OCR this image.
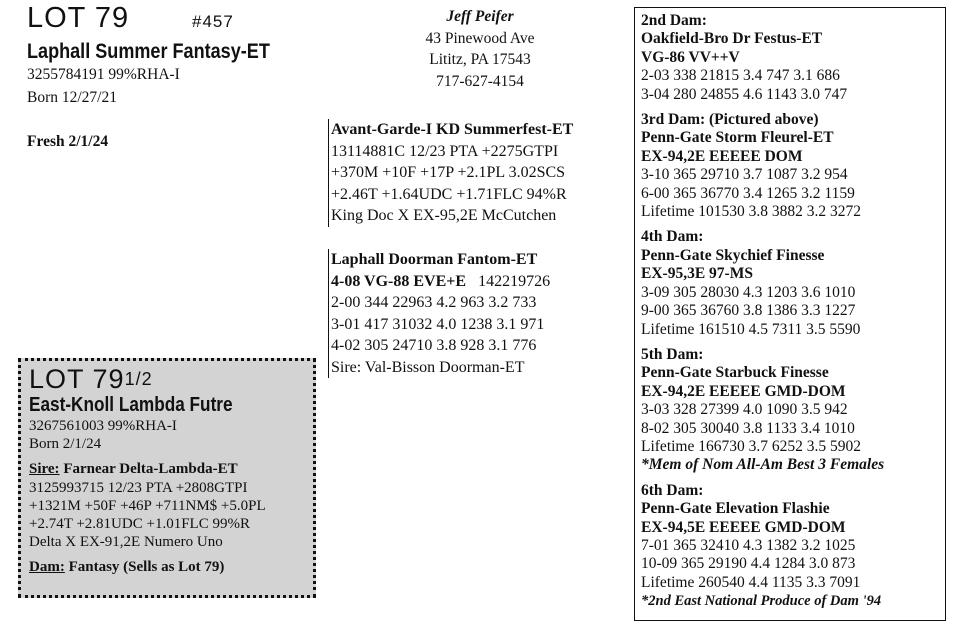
LOT 79	#457
Laphall Summer Fantasy-ET
3255784191 99%RHA-I
Born 12/27/21
Fresh 2/1/24
Jeff Peifer
43 Pinewood Ave
Lititz, PA 17543
717-627-4154
Avant-Garde-I KD Summerfest-ET
13114881C 12/23 PTA +2275GTPI
+370M +10F +17P +2.1PL 3.02SCS
+2.46T +1.64UDC +1.71FLC 94%R
King Doc X EX-95,2E McCutchen
Laphall Doorman Fantom-ET
4-08 VG-88 EVE+E 142219726
2-00 344 22963 4.2 963 3.2 733
3-01 417 31032 4.0 1238 3.1 971
4-02 305 24710 3.8 928 3.1 776
Sire: Val-Bisson Doorman-ET
2nd Dam:
Oakfield-Bro Dr Festus-ET
VG-86 VV++V
2-03 338 21815 3.4 747 3.1 686
3-04 280 24855 4.6 1143 3.0 747
3rd Dam: (Pictured above)
Penn-Gate Storm Fleurel-ET
EX-94,2E EEEEE DOM
3-10 365 29710 3.7 1087 3.2 954
6-00 365 36770 3.4 1265 3.2 1159
Lifetime 101530 3.8 3882 3.2 3272
4th Dam:
Penn-Gate Skychief Finesse
EX-95,3E 97-MS
3-09 305 28030 4.3 1203 3.6 1010
9-00 365 36760 3.8 1386 3.3 1227
Lifetime 161510 4.5 7311 3.5 5590
5th Dam:
Penn-Gate Starbuck Finesse
EX-94,2E EEEEE GMD-DOM
3-03 328 27399 4.0 1090 3.5 942
8-02 305 30040 3.8 1133 3.4 1010
Lifetime 166730 3.7 6252 3.5 5902
*Mem of Nom All-Am Best 3 Females
6th Dam:
Penn-Gate Elevation Flashie
EX-94,5E EEEEE GMD-DOM
7-01 365 32410 4.3 1382 3.2 1025
10-09 365 29190 4.4 1284 3.0 873
Lifetime 260540 4.4 1135 3.3 7091
*2nd East National Produce of Dam '94
LOT $79^{1/2}$
East-Knoll Lambda Futre
3267561003 99%RHA-I
Born 2/1/24
Sire: Farnear Delta-Lambda-ET
3125993715 12/23 PTA +2808GTPI
+1321M +50F +46P +711NM$ +5.0PL
+2.74T +2.81UDC +1.01FLC 99%R
Delta X EX-91,2E Numero Uno
Dam: Fantasy (Sells as Lot 79)
